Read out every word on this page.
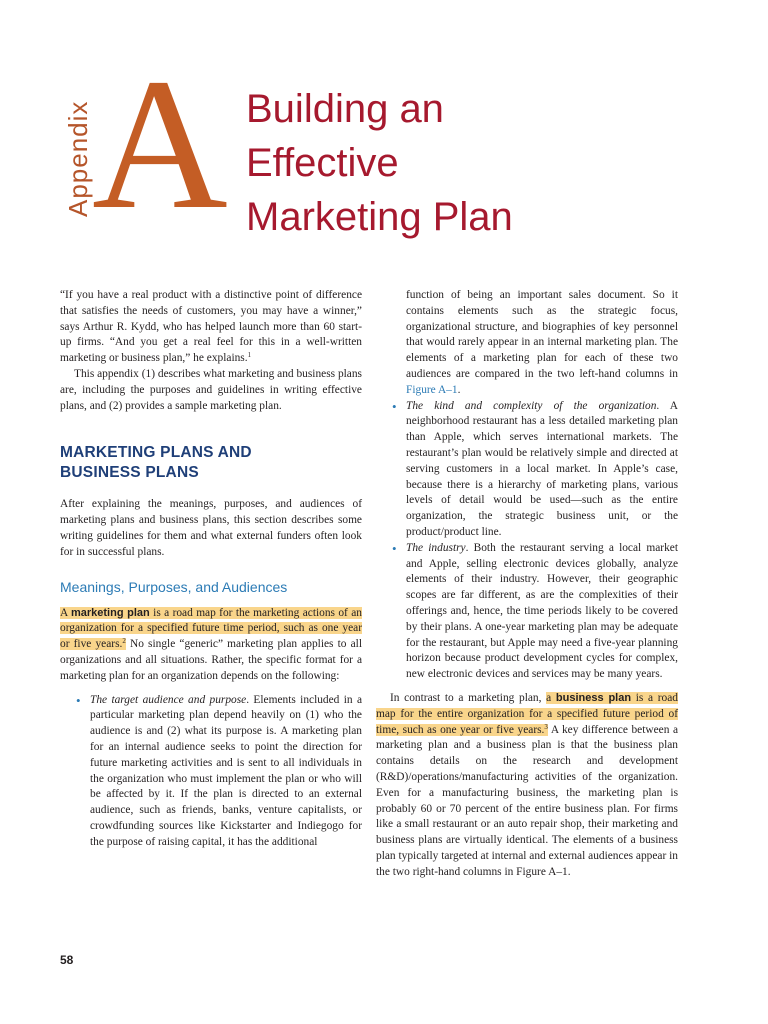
Appendix A Building an
Effective
Marketing Plan

“If you have a real product with a distinctive point of difference that satisfies the needs of customers, you may have a winner,” says Arthur R. Kydd, who has helped launch more than 60 start-up firms. “And you get a real feel for this in a well-written marketing or business plan,” he explains.$^1$

This appendix (1) describes what marketing and business plans are, including the purposes and guidelines in writing effective plans, and (2) provides a sample marketing plan.

MARKETING PLANS AND
BUSINESS PLANS

After explaining the meanings, purposes, and audiences of marketing plans and business plans, this section describes some writing guidelines for them and what external funders often look for in successful plans.

Meanings, Purposes, and Audiences

A marketing plan is a road map for the marketing actions of an organization for a specified future time period, such as one year or five years.$^2$ No single “generic” marketing plan applies to all organizations and all situations. Rather, the specific format for a marketing plan for an organization depends on the following:

• The target audience and purpose. Elements included in a particular marketing plan depend heavily on (1) who the audience is and (2) what its purpose is. A marketing plan for an internal audience seeks to point the direction for future marketing activities and is sent to all individuals in the organization who must implement the plan or who will be affected by it. If the plan is directed to an external audience, such as friends, banks, venture capitalists, or crowdfunding sources like Kickstarter and Indiegogo for the purpose of raising capital, it has the additional

function of being an important sales document. So it contains elements such as the strategic focus, organizational structure, and biographies of key personnel that would rarely appear in an internal marketing plan. The elements of a marketing plan for each of these two audiences are compared in the two left-hand columns in Figure A–1.

• The kind and complexity of the organization. A neighborhood restaurant has a less detailed marketing plan than Apple, which serves international markets. The restaurant’s plan would be relatively simple and directed at serving customers in a local market. In Apple’s case, because there is a hierarchy of marketing plans, various levels of detail would be used—such as the entire organization, the strategic business unit, or the product/product line.
• The industry. Both the restaurant serving a local market and Apple, selling electronic devices globally, analyze elements of their industry. However, their geographic scopes are far different, as are the complexities of their offerings and, hence, the time periods likely to be covered by their plans. A one-year marketing plan may be adequate for the restaurant, but Apple may need a five-year planning horizon because product development cycles for complex, new electronic devices and services may be many years.

In contrast to a marketing plan, a business plan is a road map for the entire organization for a specified future period of time, such as one year or five years.$^3$ A key difference between a marketing plan and a business plan is that the business plan contains details on the research and development (R&D)/operations/manufacturing activities of the organization. Even for a manufacturing business, the marketing plan is probably 60 or 70 percent of the entire business plan. For firms like a small restaurant or an auto repair shop, their marketing and business plans are virtually identical. The elements of a business plan typically targeted at internal and external audiences appear in the two right-hand columns in Figure A–1.

58
